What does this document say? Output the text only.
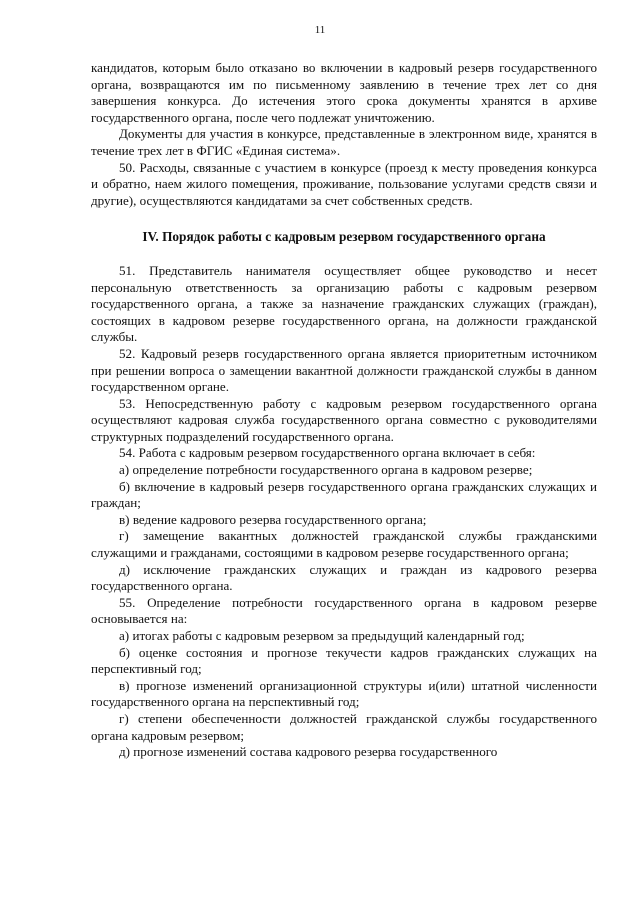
11

кандидатов, которым было отказано во включении в кадровый резерв государственного органа, возвращаются им по письменному заявлению в течение трех лет со дня завершения конкурса. До истечения этого срока документы хранятся в архиве государственного органа, после чего подлежат уничтожению.

Документы для участия в конкурсе, представленные в электронном виде, хранятся в течение трех лет в ФГИС «Единая система».

50. Расходы, связанные с участием в конкурсе (проезд к месту проведения конкурса и обратно, наем жилого помещения, проживание, пользование услугами средств связи и другие), осуществляются кандидатами за счет собственных средств.

IV. Порядок работы с кадровым резервом государственного органа

51. Представитель нанимателя осуществляет общее руководство и несет персональную ответственность за организацию работы с кадровым резервом государственного органа, а также за назначение гражданских служащих (граждан), состоящих в кадровом резерве государственного органа, на должности гражданской службы.

52. Кадровый резерв государственного органа является приоритетным источником при решении вопроса о замещении вакантной должности гражданской службы в данном государственном органе.

53. Непосредственную работу с кадровым резервом государственного органа осуществляют кадровая служба государственного органа совместно с руководителями структурных подразделений государственного органа.

54. Работа с кадровым резервом государственного органа включает в себя:

а) определение потребности государственного органа в кадровом резерве;

б) включение в кадровый резерв государственного органа гражданских служащих и граждан;

в) ведение кадрового резерва государственного органа;

г) замещение вакантных должностей гражданской службы гражданскими служащими и гражданами, состоящими в кадровом резерве государственного органа;

д) исключение гражданских служащих и граждан из кадрового резерва государственного органа.

55. Определение потребности государственного органа в кадровом резерве основывается на:

а) итогах работы с кадровым резервом за предыдущий календарный год;

б) оценке состояния и прогнозе текучести кадров гражданских служащих на перспективный год;

в) прогнозе изменений организационной структуры и(или) штатной численности государственного органа на перспективный год;

г) степени обеспеченности должностей гражданской службы государственного органа кадровым резервом;

д) прогнозе изменений состава кадрового резерва государственного
